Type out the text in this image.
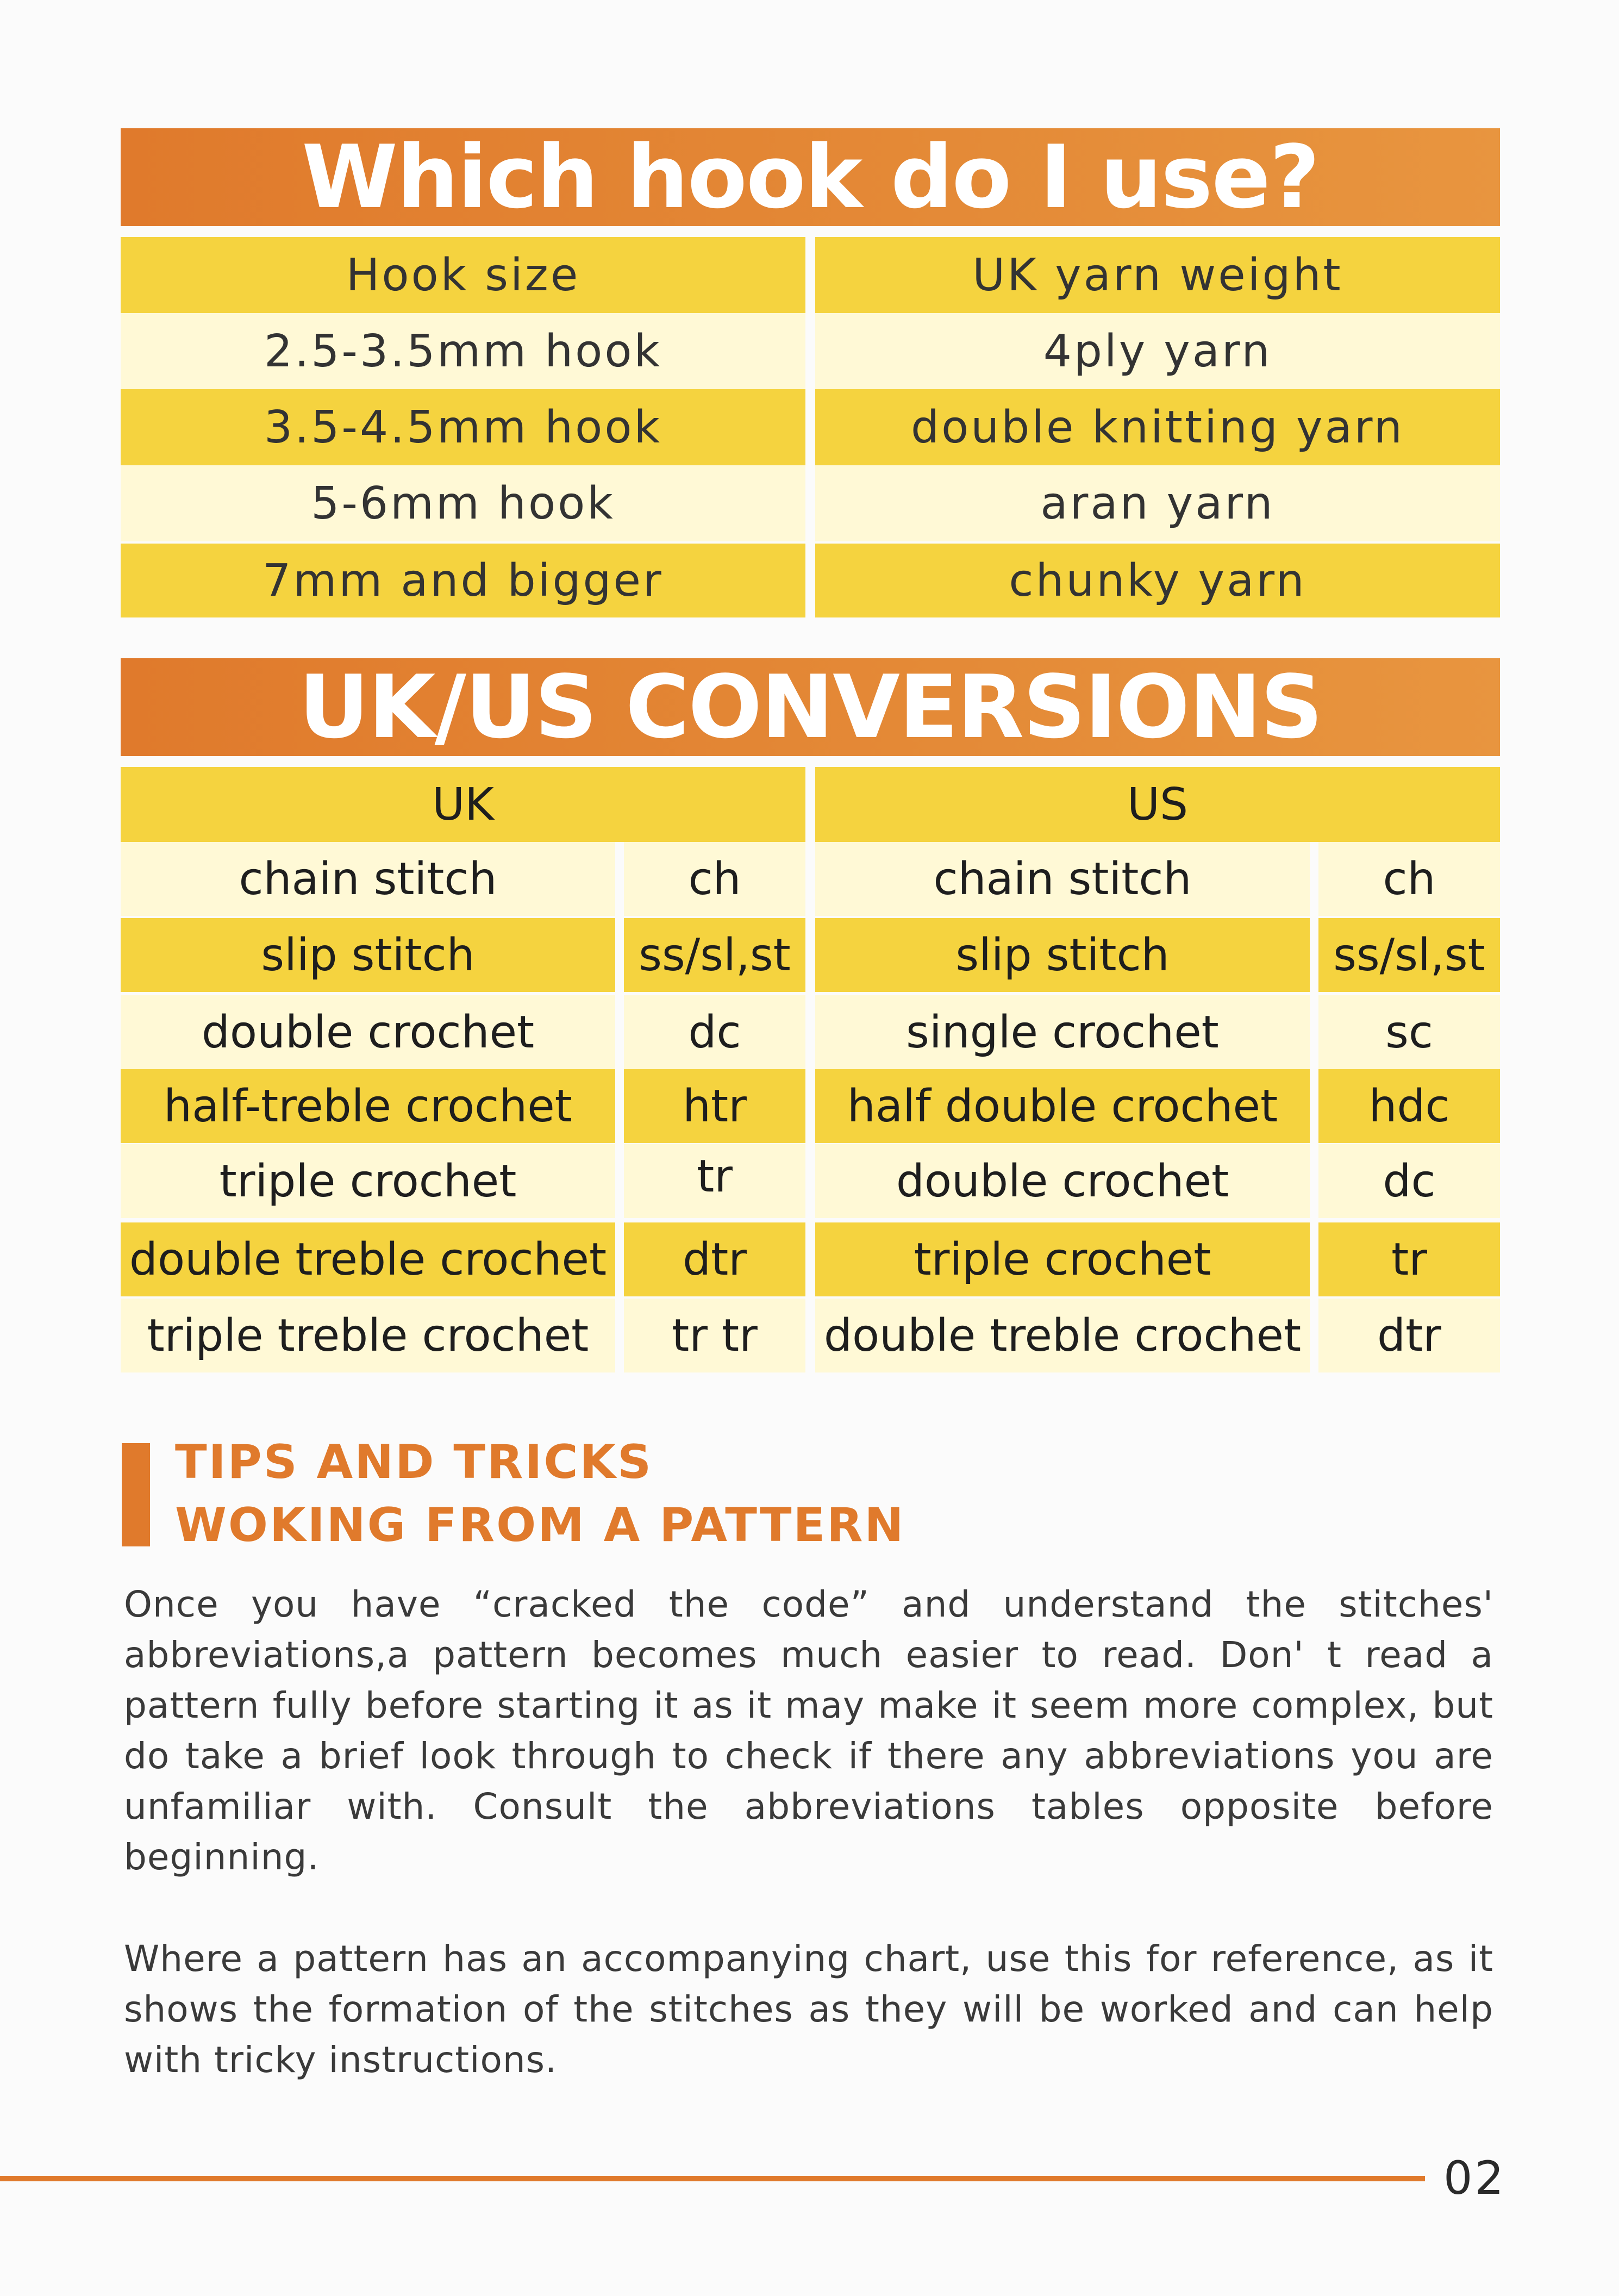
Which hook do I use?
Hook size	UK yarn weight
2.5-3.5mm hook	4ply yarn
3.5-4.5mm hook	double knitting yarn
5-6mm hook	aran yarn
7mm and bigger	chunky yarn
UK/US CONVERSIONS
UK	US
chain stitch	ch	chain stitch	ch
slip stitch	ss/sl,st	slip stitch	ss/sl,st
double crochet	dc	single crochet	sc
half-treble crochet	htr	half double crochet	hdc
triple crochet	tr	double crochet	dc
double treble crochet	dtr	triple crochet	tr
triple treble crochet	tr tr	double treble crochet	dtr
TIPS AND TRICKS
WOKING FROM A PATTERN

Once you have “cracked the code” and understand the stitches' abbreviations,a pattern becomes much easier to read. Don' t read a pattern fully before starting it as it may make it seem more complex, but do take a brief look through to check if there any abbreviations you are unfamiliar with. Consult the abbreviations tables opposite before beginning.

Where a pattern has an accompanying chart, use this for reference, as it shows the formation of the stitches as they will be worked and can help with tricky instructions.

02
